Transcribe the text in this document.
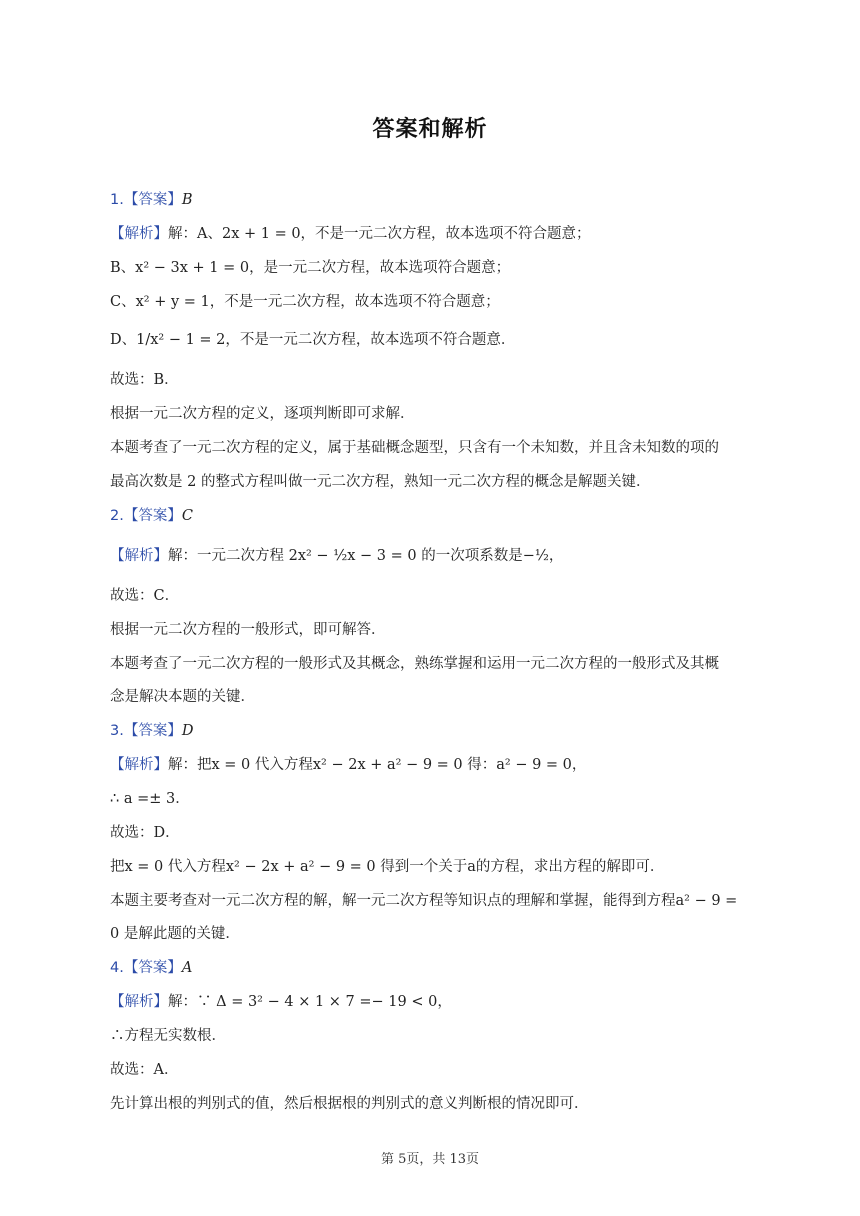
答案和解析
1.【答案】B
【解析】解：A、2x + 1 = 0，不是一元二次方程，故本选项不符合题意；
B、x² − 3x + 1 = 0，是一元二次方程，故本选项符合题意；
C、x² + y = 1，不是一元二次方程，故本选项不符合题意；
D、1/x² − 1 = 2，不是一元二次方程，故本选项不符合题意．
故选：B．
根据一元二次方程的定义，逐项判断即可求解．
本题考查了一元二次方程的定义，属于基础概念题型，只含有一个未知数，并且含未知数的项的
最高次数是 2 的整式方程叫做一元二次方程，熟知一元二次方程的概念是解题关键．
2.【答案】C
【解析】解：一元二次方程 2x² − ½x − 3 = 0 的一次项系数是−½，
故选：C．
根据一元二次方程的一般形式，即可解答．
本题考查了一元二次方程的一般形式及其概念，熟练掌握和运用一元二次方程的一般形式及其概
念是解决本题的关键．
3.【答案】D
【解析】解：把x = 0 代入方程x² − 2x + a² − 9 = 0 得：a² − 9 = 0，
∴ a =± 3．
故选：D．
把x = 0 代入方程x² − 2x + a² − 9 = 0 得到一个关于a的方程，求出方程的解即可．
本题主要考查对一元二次方程的解，解一元二次方程等知识点的理解和掌握，能得到方程a² − 9 =
0 是解此题的关键．
4.【答案】A
【解析】解：∵ Δ = 3² − 4 × 1 × 7 =− 19 < 0，
∴方程无实数根．
故选：A．
先计算出根的判别式的值，然后根据根的判别式的意义判断根的情况即可．
第 5页，共 13页
